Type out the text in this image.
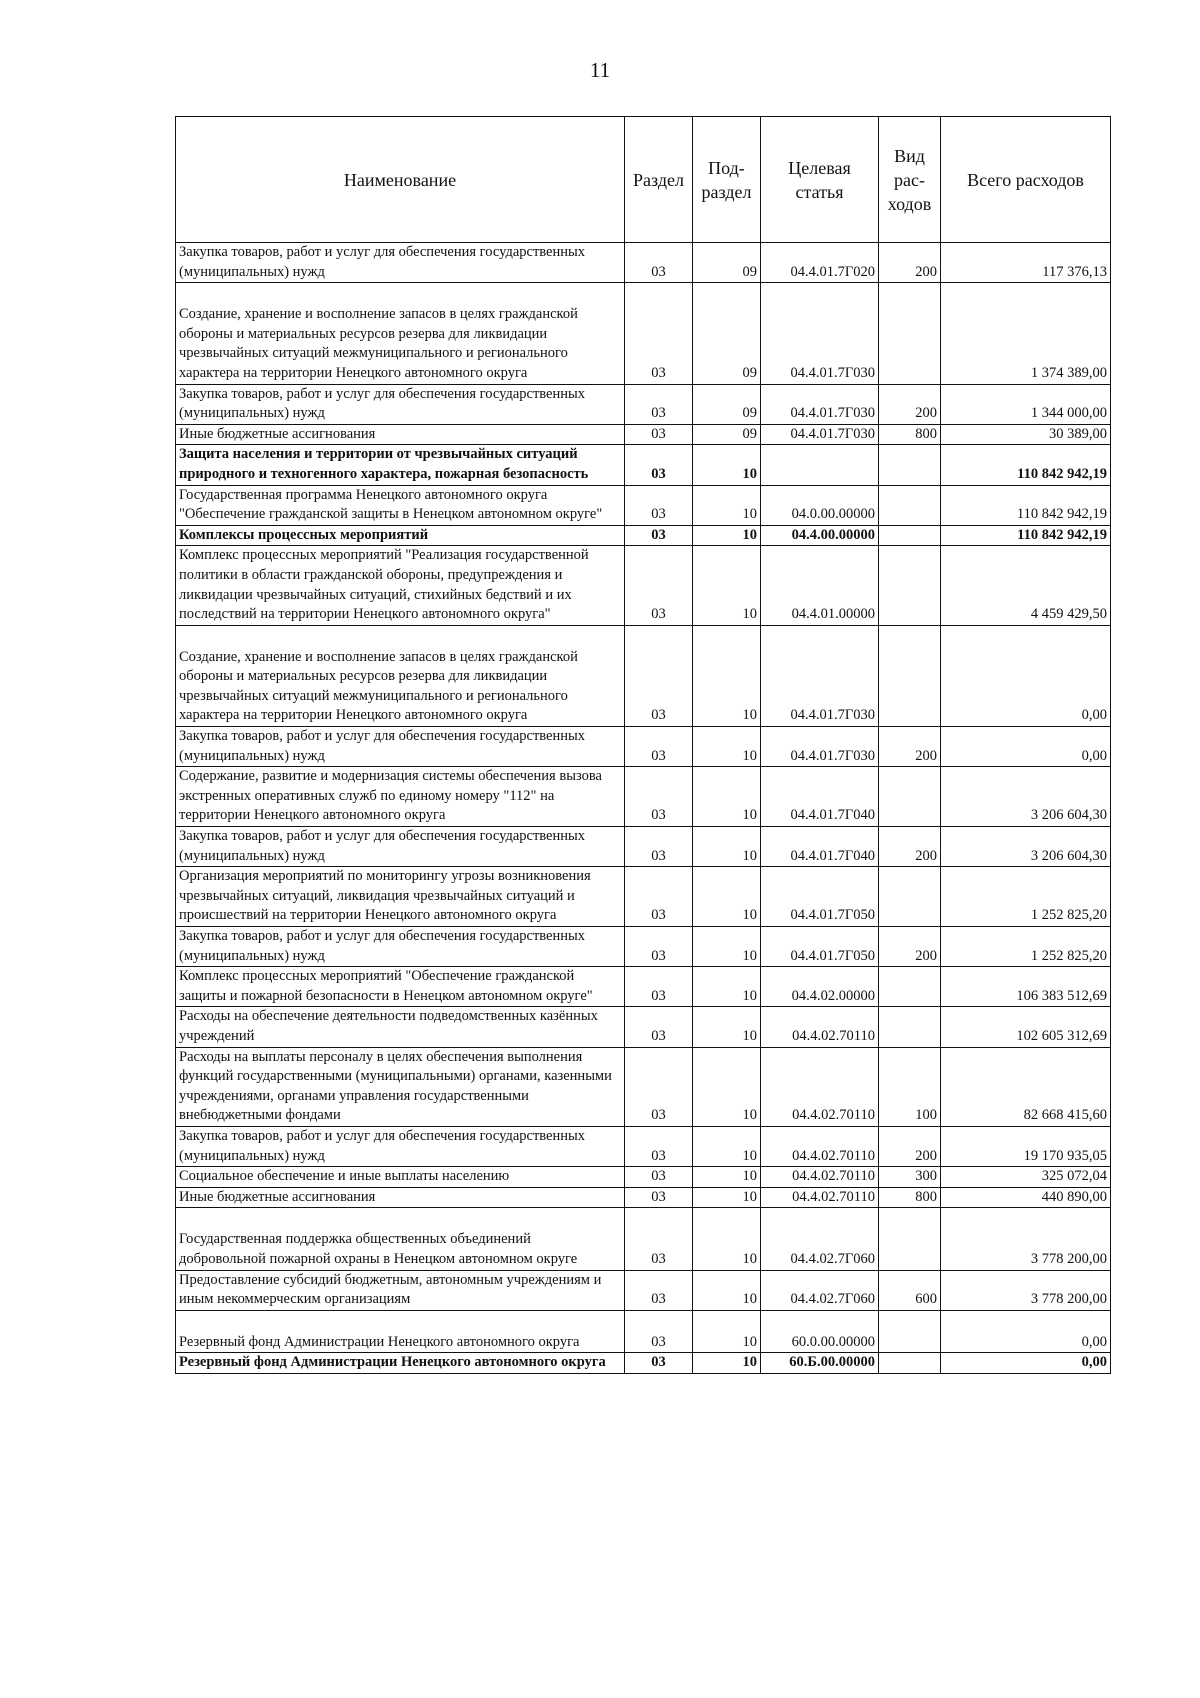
11
Наименование	Раздел	Под-раздел	Целевая статья	Вид рас-ходов	Всего расходов
Закупка товаров, работ и услуг для обеспечения государственных (муниципальных) нужд	03	09	04.4.01.7Г020	200	117 376,13
Создание, хранение и восполнение запасов в целях гражданской обороны и материальных ресурсов резерва для ликвидации чрезвычайных ситуаций межмуниципального и регионального характера на территории Ненецкого автономного округа	03	09	04.4.01.7Г030		1 374 389,00
Закупка товаров, работ и услуг для обеспечения государственных (муниципальных) нужд	03	09	04.4.01.7Г030	200	1 344 000,00
Иные бюджетные ассигнования	03	09	04.4.01.7Г030	800	30 389,00
Защита населения и территории от чрезвычайных ситуаций природного и техногенного характера, пожарная безопасность	03	10			110 842 942,19
Государственная программа Ненецкого автономного округа "Обеспечение гражданской защиты в Ненецком автономном округе"	03	10	04.0.00.00000		110 842 942,19
Комплексы процессных мероприятий	03	10	04.4.00.00000		110 842 942,19
Комплекс процессных мероприятий "Реализация государственной политики в области гражданской обороны, предупреждения и ликвидации чрезвычайных ситуаций, стихийных бедствий и их последствий на территории Ненецкого автономного округа"	03	10	04.4.01.00000		4 459 429,50
Создание, хранение и восполнение запасов в целях гражданской обороны и материальных ресурсов резерва для ликвидации чрезвычайных ситуаций межмуниципального и регионального характера на территории Ненецкого автономного округа	03	10	04.4.01.7Г030		0,00
Закупка товаров, работ и услуг для обеспечения государственных (муниципальных) нужд	03	10	04.4.01.7Г030	200	0,00
Содержание, развитие и модернизация системы обеспечения вызова экстренных оперативных служб по единому номеру "112" на территории Ненецкого автономного округа	03	10	04.4.01.7Г040		3 206 604,30
Закупка товаров, работ и услуг для обеспечения государственных (муниципальных) нужд	03	10	04.4.01.7Г040	200	3 206 604,30
Организация мероприятий по мониторингу угрозы возникновения чрезвычайных ситуаций, ликвидация чрезвычайных ситуаций и происшествий на территории Ненецкого автономного округа	03	10	04.4.01.7Г050		1 252 825,20
Закупка товаров, работ и услуг для обеспечения государственных (муниципальных) нужд	03	10	04.4.01.7Г050	200	1 252 825,20
Комплекс процессных мероприятий "Обеспечение гражданской защиты и пожарной безопасности в Ненецком автономном округе"	03	10	04.4.02.00000		106 383 512,69
Расходы на обеспечение деятельности подведомственных казённых учреждений	03	10	04.4.02.70110		102 605 312,69
Расходы на выплаты персоналу в целях обеспечения выполнения функций государственными (муниципальными) органами, казенными учреждениями, органами управления государственными внебюджетными фондами	03	10	04.4.02.70110	100	82 668 415,60
Закупка товаров, работ и услуг для обеспечения государственных (муниципальных) нужд	03	10	04.4.02.70110	200	19 170 935,05
Социальное обеспечение и иные выплаты населению	03	10	04.4.02.70110	300	325 072,04
Иные бюджетные ассигнования	03	10	04.4.02.70110	800	440 890,00
Государственная поддержка общественных объединений добровольной пожарной охраны в Ненецком автономном округе	03	10	04.4.02.7Г060		3 778 200,00
Предоставление субсидий бюджетным, автономным учреждениям и иным некоммерческим организациям	03	10	04.4.02.7Г060	600	3 778 200,00
Резервный фонд Администрации Ненецкого автономного округа	03	10	60.0.00.00000		0,00
Резервный фонд Администрации Ненецкого автономного округа	03	10	60.Б.00.00000		0,00
